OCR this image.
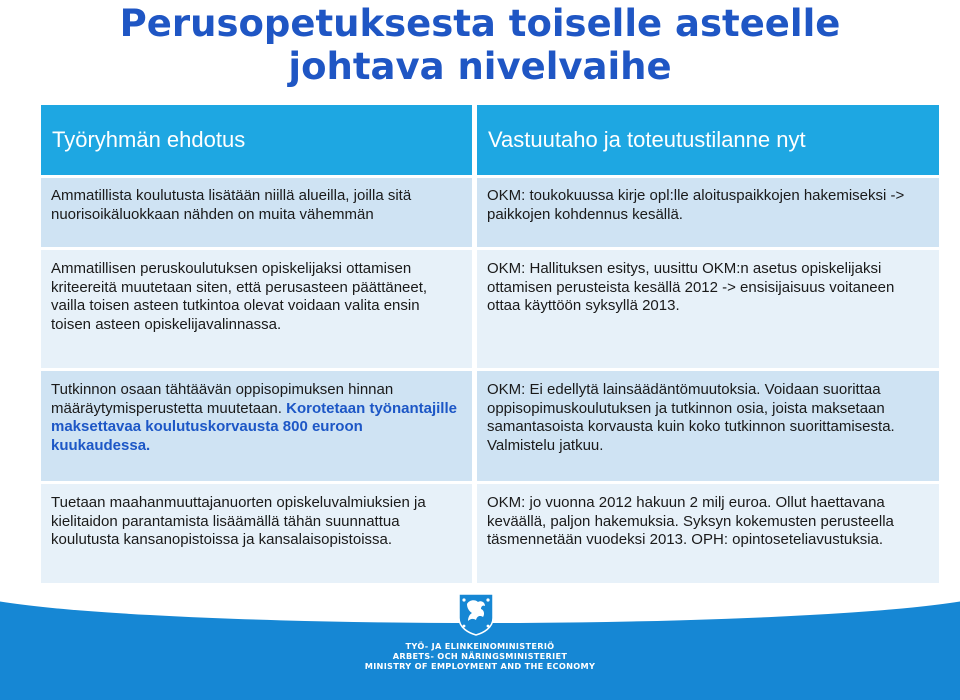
Perusopetuksesta toiselle asteelle
johtava nivelvaihe
Työryhmän ehdotus	Vastuutaho ja toteutustilanne nyt
Ammatillista koulutusta lisätään niillä alueilla, joilla sitä nuorisoikäluokkaan nähden on muita vähemmän
OKM: toukokuussa kirje opl:lle aloituspaikkojen hakemiseksi -> paikkojen kohdennus kesällä.
Ammatillisen peruskoulutuksen opiskelijaksi ottamisen kriteereitä muutetaan siten, että perusasteen päättäneet, vailla toisen asteen tutkintoa olevat voidaan valita ensin toisen asteen opiskelijavalinnassa.
OKM: Hallituksen esitys, uusittu OKM:n asetus opiskelijaksi ottamisen perusteista kesällä 2012 -> ensisijaisuus voitaneen ottaa käyttöön syksyllä 2013.
Tutkinnon osaan tähtäävän oppisopimuksen hinnan määräytymisperustetta muutetaan. Korotetaan työnantajille maksettavaa koulutuskorvausta 800 euroon kuukaudessa.
OKM: Ei edellytä lainsäädäntömuutoksia. Voidaan suorittaa oppisopimuskoulutuksen ja tutkinnon osia, joista maksetaan samantasoista korvausta kuin koko tutkinnon suorittamisesta. Valmistelu jatkuu.
Tuetaan maahanmuuttajanuorten opiskeluvalmiuksien ja kielitaidon parantamista lisäämällä tähän suunnattua koulutusta kansanopistoissa ja kansalaisopistoissa.
OKM: jo vuonna 2012 hakuun 2 milj euroa. Ollut haettavana keväällä, paljon hakemuksia. Syksyn kokemusten perusteella täsmennetään vuodeksi 2013. OPH: opintoseteliavustuksia.
TYÖ- JA ELINKEINOMINISTERIÖ
ARBETS- OCH NÄRINGSMINISTERIET
MINISTRY OF EMPLOYMENT AND THE ECONOMY
